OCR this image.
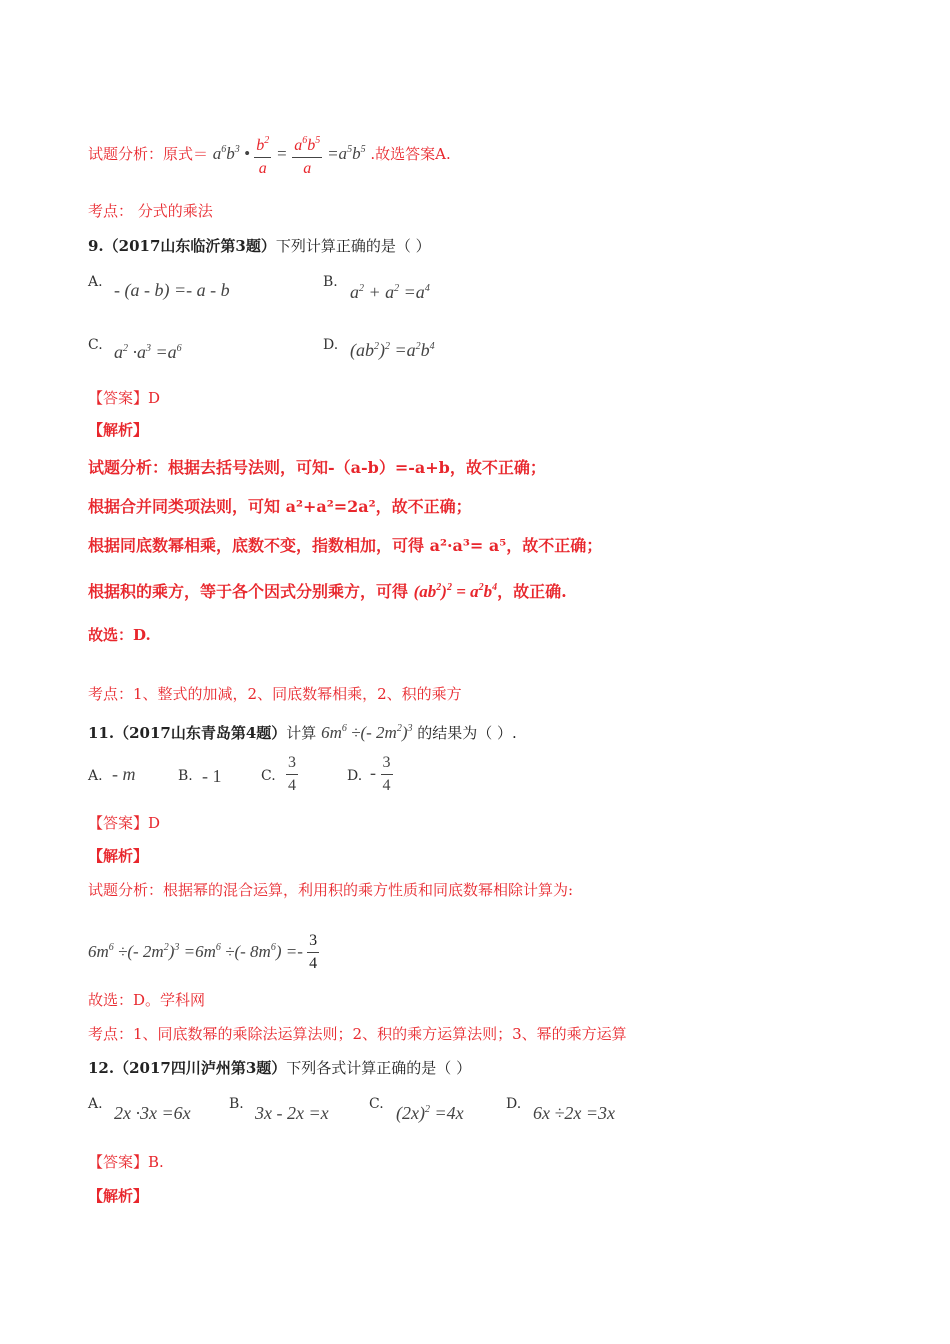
试题分析：原式＝ $a^6b^3$ • $\frac{b^2}{a} = \frac{a^6b^5}{a} =a^5b^5$ .故选答案A.
考点： 分式的乘法
9.（2017山东临沂第3题）下列计算正确的是（ ）
A. - (a - b) =- a - b	B. $a^2 + a^2 =a^4$
C. $a^2 \cdot a^3 =a^6$	D. $(ab^2)^2 =a^2b^4$
【答案】D
【解析】
试题分析：根据去括号法则，可知-（a-b）=-a+b，故不正确；
根据合并同类项法则，可知 a²+a²=2a²，故不正确；
根据同底数幂相乘，底数不变，指数相加，可得 a²·a³= a⁵，故不正确；
根据积的乘方，等于各个因式分别乘方，可得 $(ab^2)^2 = a^2b^4$，故正确.
故选：D.
考点：1、整式的加减，2、同底数幂相乘，2、积的乘方
11.（2017山东青岛第4题）计算 $6m^6$ ÷(- $2m^2)^3$ 的结果为（ ）.
A. - m	B. - 1	C. $\frac{3}{4}$	D. - $\frac{3}{4}$
【答案】D
【解析】
试题分析：根据幂的混合运算，利用积的乘方性质和同底数幂相除计算为:
$6m^6$ ÷(- $2m^2)^3 =6m^6$ ÷(- $8m^6) =- \frac{3}{4}$
故选：D。学科网
考点：1、同底数幂的乘除法运算法则；2、积的乘方运算法则；3、幂的乘方运算
12.（2017四川泸州第3题）下列各式计算正确的是（ ）
A. 2x ·3x =6x	B. 3x - 2x =x	C. $(2x)^2 =4x$	D. 6x ÷2x =3x
【答案】B.
【解析】
